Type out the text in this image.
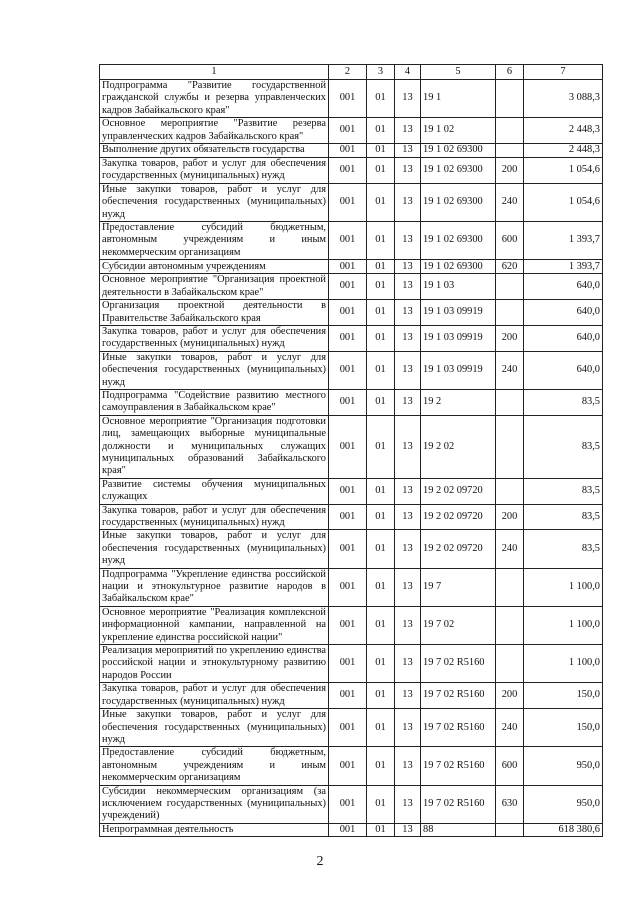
1	2	3	4	5	6	7
Подпрограмма "Развитие государственной гражданской службы и резерва управленческих кадров Забайкальского края"	001	01	13	19 1		3 088,3
Основное мероприятие "Развитие резерва управленческих кадров Забайкальского края"	001	01	13	19 1 02		2 448,3
Выполнение других обязательств государства	001	01	13	19 1 02 69300		2 448,3
Закупка товаров, работ и услуг для обеспечения государственных (муниципальных) нужд	001	01	13	19 1 02 69300	200	1 054,6
Иные закупки товаров, работ и услуг для обеспечения государственных (муниципальных) нужд	001	01	13	19 1 02 69300	240	1 054,6
Предоставление субсидий бюджетным, автономным учреждениям и иным некоммерческим организациям	001	01	13	19 1 02 69300	600	1 393,7
Субсидии автономным учреждениям	001	01	13	19 1 02 69300	620	1 393,7
Основное мероприятие "Организация проектной деятельности в Забайкальском крае"	001	01	13	19 1 03		640,0
Организация проектной деятельности в Правительстве Забайкальского края	001	01	13	19 1 03 09919		640,0
Закупка товаров, работ и услуг для обеспечения государственных (муниципальных) нужд	001	01	13	19 1 03 09919	200	640,0
Иные закупки товаров, работ и услуг для обеспечения государственных (муниципальных) нужд	001	01	13	19 1 03 09919	240	640,0
Подпрограмма "Содействие развитию местного самоуправления в Забайкальском крае"	001	01	13	19 2		83,5
Основное мероприятие "Организация подготовки лиц, замещающих выборные муниципальные должности и муниципальных служащих муниципальных образований Забайкальского края"	001	01	13	19 2 02		83,5
Развитие системы обучения муниципальных служащих	001	01	13	19 2 02 09720		83,5
Закупка товаров, работ и услуг для обеспечения государственных (муниципальных) нужд	001	01	13	19 2 02 09720	200	83,5
Иные закупки товаров, работ и услуг для обеспечения государственных (муниципальных) нужд	001	01	13	19 2 02 09720	240	83,5
Подпрограмма "Укрепление единства российской нации и этнокультурное развитие народов в Забайкальском крае"	001	01	13	19 7		1 100,0
Основное мероприятие "Реализация комплексной информационной кампании, направленной на укрепление единства российской нации"	001	01	13	19 7 02		1 100,0
Реализация мероприятий по укреплению единства российской нации и этнокультурному развитию народов России	001	01	13	19 7 02 R5160		1 100,0
Закупка товаров, работ и услуг для обеспечения государственных (муниципальных) нужд	001	01	13	19 7 02 R5160	200	150,0
Иные закупки товаров, работ и услуг для обеспечения государственных (муниципальных) нужд	001	01	13	19 7 02 R5160	240	150,0
Предоставление субсидий бюджетным, автономным учреждениям и иным некоммерческим организациям	001	01	13	19 7 02 R5160	600	950,0
Субсидии некоммерческим организациям (за исключением государственных (муниципальных) учреждений)	001	01	13	19 7 02 R5160	630	950,0
Непрограммная деятельность	001	01	13	88		618 380,6
2
